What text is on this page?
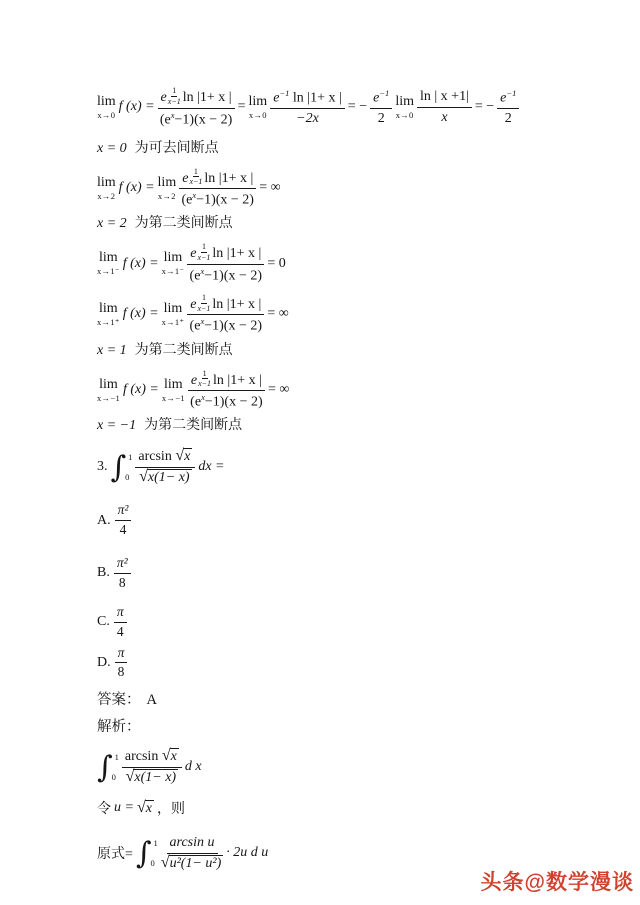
lim
x→0
f $(x) = \frac{e \frac{1}{x-1} \ln |1+ x |}{(e^x-1)(x - 2)} = \lim$
$x\to 0 \frac{e^{-1} \ln |1+ x |}{-2x}$ = − $\frac{e^{-1}}{2}$ lim
$x\to 0 \frac{\ln | x +1|}{x}$ = − $\frac{e^{-1}}{2}$
x = 0 为可去间断点
lim
x→2
f (x) = lim
$x\to 2 \frac{e \frac{1}{x-1} \ln |1+ x |}{(e^x-1)(x - 2)}$ = ∞
x = 2 为第二类间断点
lim
x→1⁻
f (x) = lim
$x\to 1^- \frac{e \frac{1}{x-1} \ln |1+ x |}{(e^x-1)(x - 2)} = 0$
lim
x→1⁺
f (x) = lim
$x\to 1^+ \frac{e \frac{1}{x-1} \ln |1+ x |}{(e^x-1)(x - 2)}$ = ∞
x = 1 为第二类间断点
lim
x→−1
f (x) = lim
$x\to-1 \frac{e \frac{1}{x-1} \ln |1+ x |}{(e^x-1)(x - 2)}$ = ∞
x = −1 为第二类间断点
3. ∫ 1
$0 \frac{\arcsin √ x}{√ x(1- x)}$ dx =
A. $\frac{\text{π²}}{4}$
B. $\frac{\text{π²}}{8}$
C. $\frac{\pi}{4}$
D. $\frac{\pi}{8}$
答案： A
解析：
∫ 1
$0 \frac{\arcsin √ x}{√ x(1- x)}$ d x
令 u = √ x ，则
原式= ∫ 1
$0 \frac{\text{arcsin u}}{\text{√ u²(1− u²)}} \cdot 2u$ d u
头条@数学漫谈
